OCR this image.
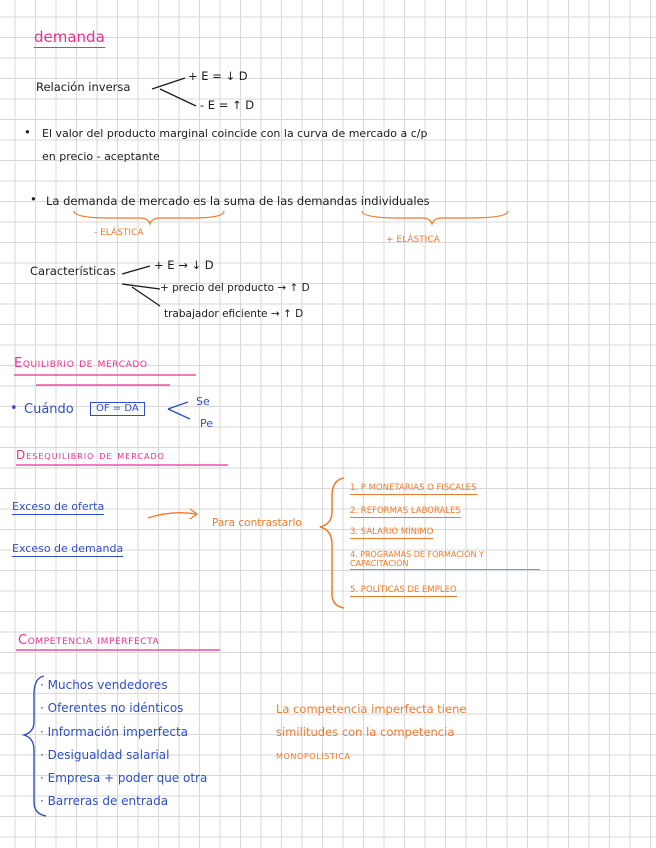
demanda
Relación inversa
+ E = ↓ D
- E = ↑ D
• El valor del producto marginal coincide con la curva de mercado a c/p
en precio - aceptante
• La demanda de mercado es la suma de las demandas individuales
- ELÁSTICA
+ ELÁSTICA
Características	+ E → ↓ D
+ precio del producto → ↑ D
trabajador eficiente → ↑ D
Equilibrio de mercado
• Cuándo	OF = DA
Se
Pe
Desequilibrio de mercado
Exceso de oferta
Exceso de demanda
Para contrastarlo
1. P MONETARIAS O FISCALES
2. REFORMAS LABORALES
3. SALARIO MÍNIMO
4. PROGRAMAS DE FORMACIÓN Y CAPACITACIÓN
5. POLÍTICAS DE EMPLEO
Competencia imperfecta
· Muchos vendedores
· Oferentes no idénticos
· Información imperfecta
· Desigualdad salarial
· Empresa + poder que otra
· Barreras de entrada
La competencia imperfecta tiene
similitudes con la competencia
monopolística
